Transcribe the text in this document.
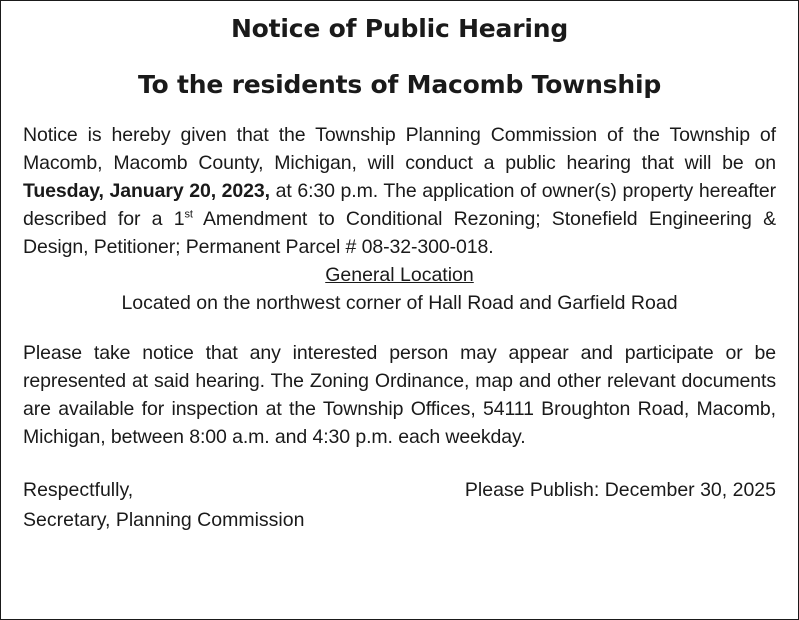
Notice of Public Hearing
To the residents of Macomb Township

Notice is hereby given that the Township Planning Commission of the Township of Macomb, Macomb County, Michigan, will conduct a public hearing that will be on Tuesday, January 20, 2023, at 6:30 p.m. The application of owner(s) property hereafter described for a 1st Amendment to Conditional Rezoning; Stonefield Engineering & Design, Petitioner; Permanent Parcel # 08-32-300-018.

General Location

Located on the northwest corner of Hall Road and Garfield Road

Please take notice that any interested person may appear and participate or be represented at said hearing. The Zoning Ordinance, map and other relevant documents are available for inspection at the Township Offices, 54111 Broughton Road, Macomb, Michigan, between 8:00 a.m. and 4:30 p.m. each weekday.

Respectfully,
Secretary, Planning Commission
Please Publish: December 30, 2025
